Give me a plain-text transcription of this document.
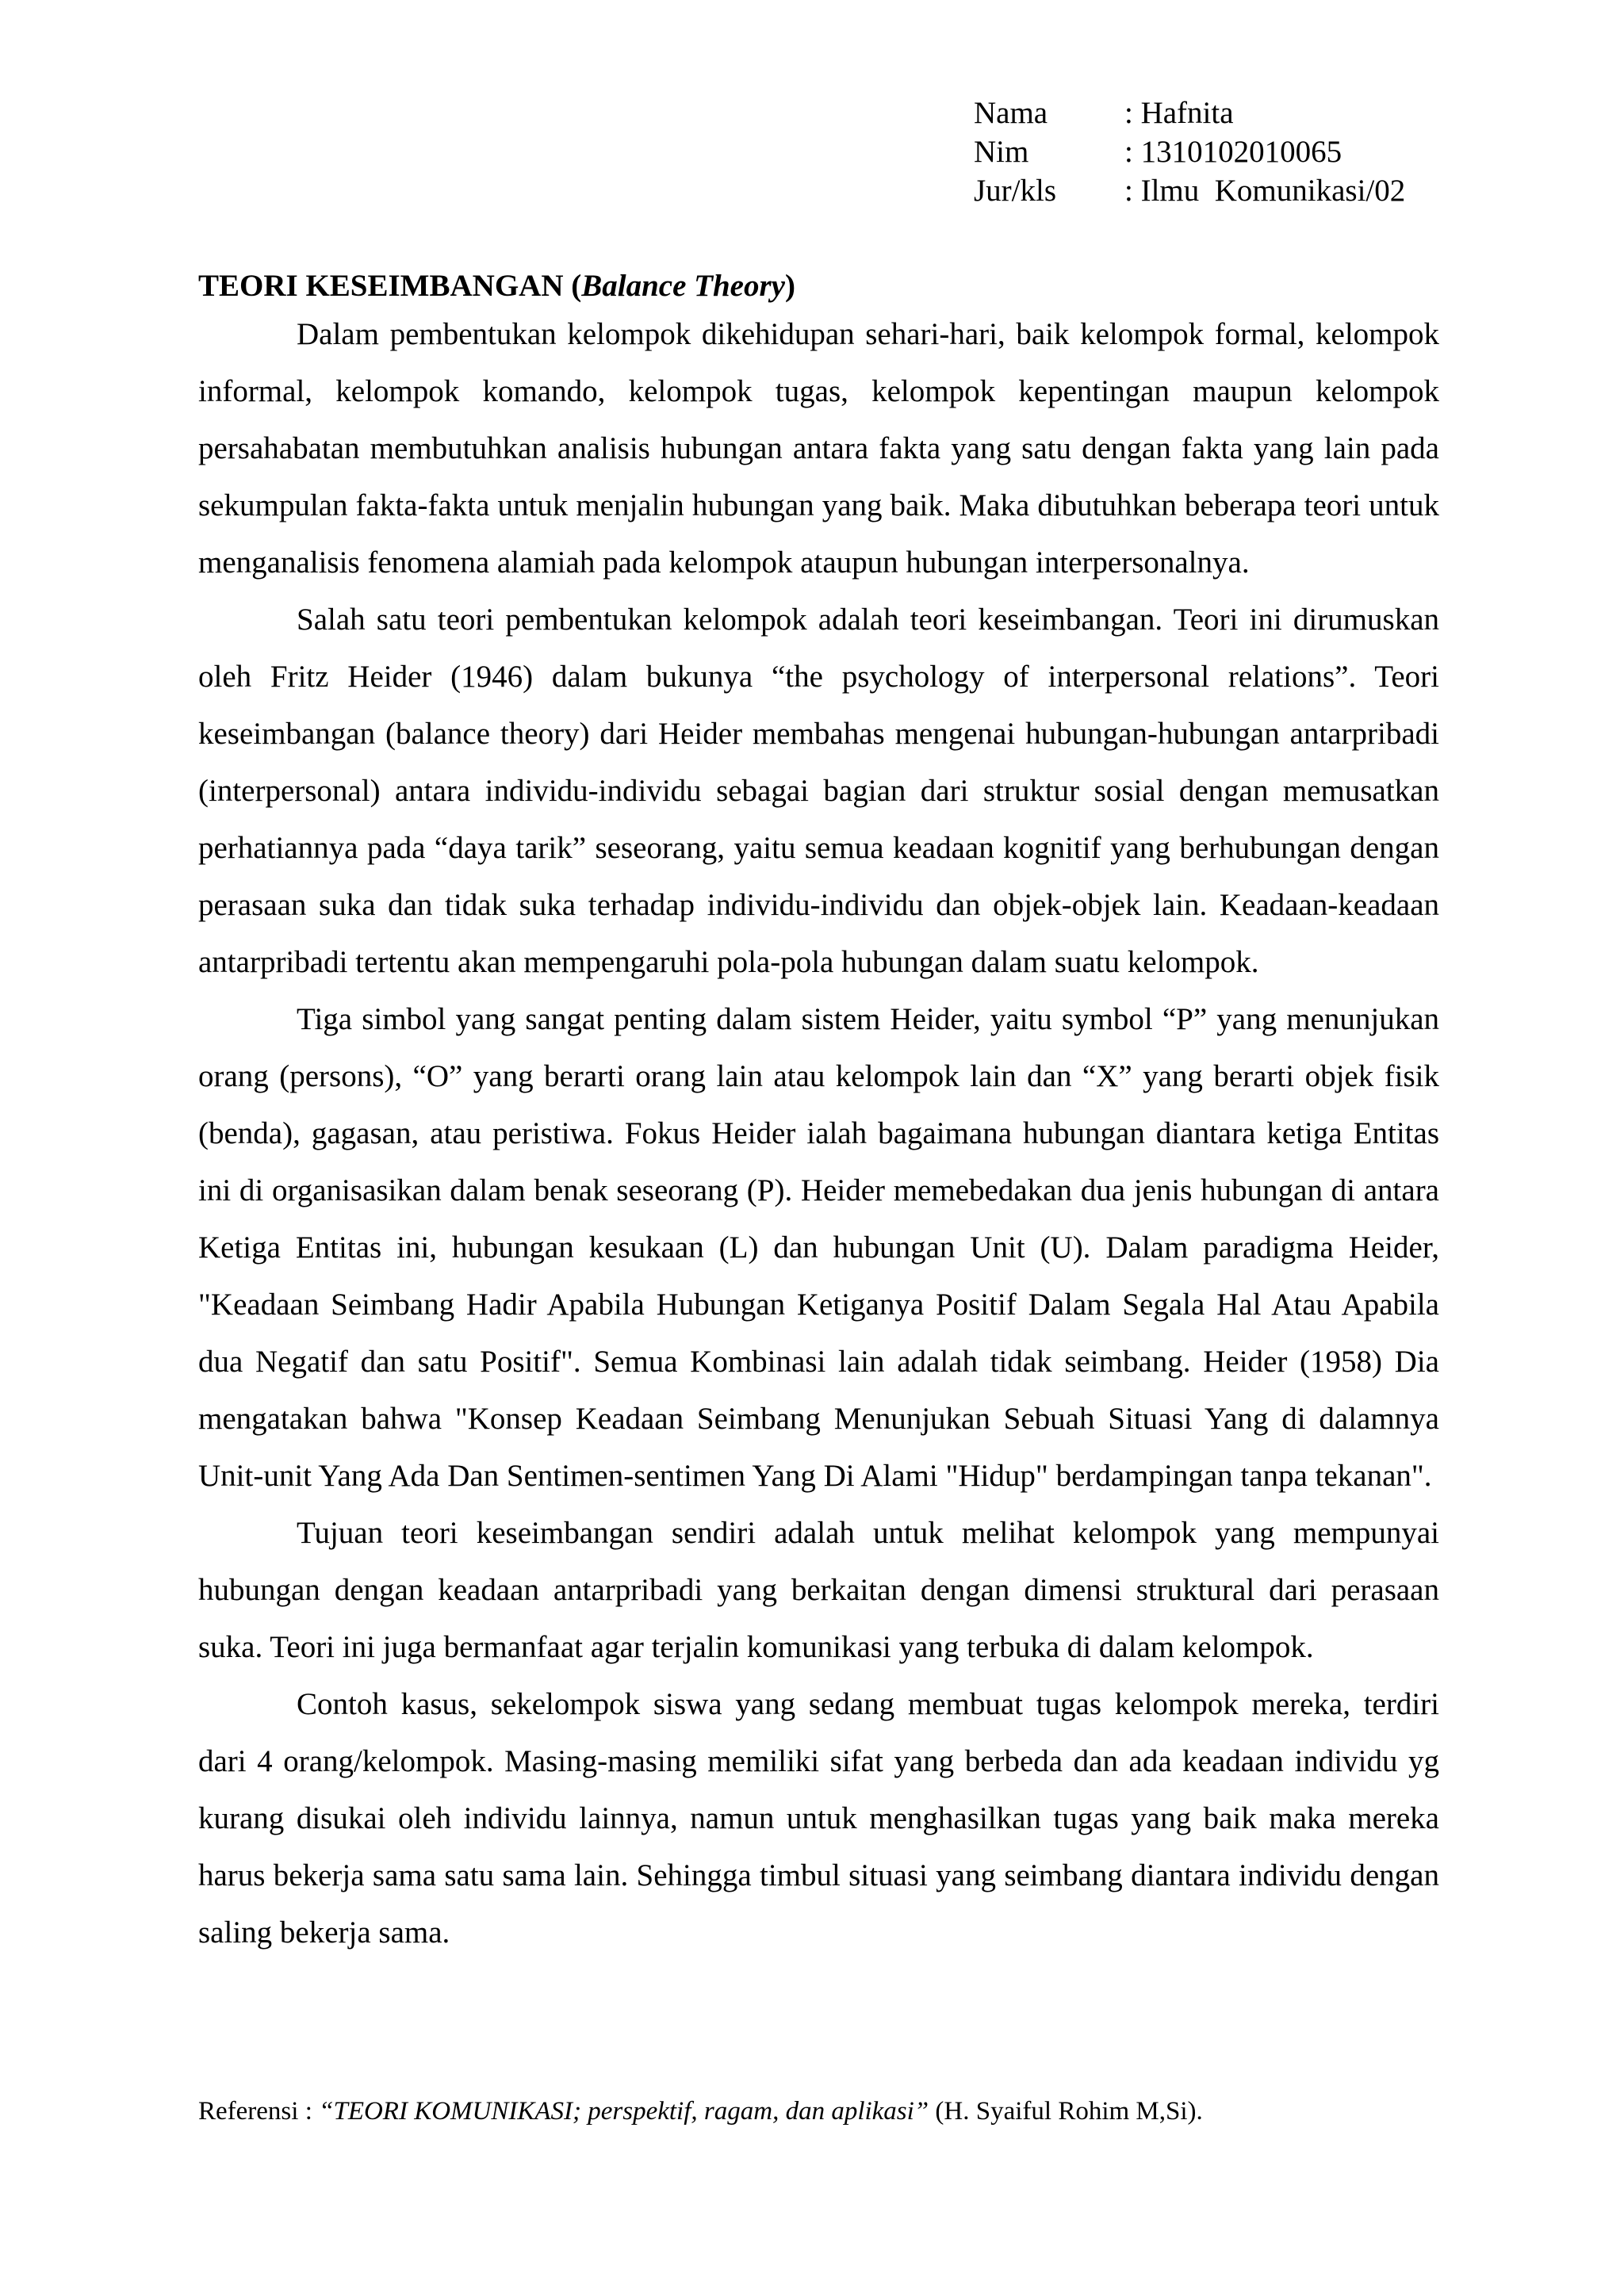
Nama	: Hafnita
Nim	: 1310102010065
Jur/kls	: Ilmu  Komunikasi/02
TEORI KESEIMBANGAN (Balance Theory)

Dalam pembentukan kelompok dikehidupan sehari-hari, baik kelompok formal, kelompok informal, kelompok komando, kelompok tugas, kelompok kepentingan maupun kelompok persahabatan membutuhkan analisis hubungan antara fakta yang satu dengan fakta yang lain pada sekumpulan fakta-fakta untuk menjalin hubungan yang baik. Maka dibutuhkan beberapa teori untuk menganalisis fenomena alamiah pada kelompok ataupun hubungan interpersonalnya.

Salah satu teori pembentukan kelompok adalah teori keseimbangan. Teori ini dirumuskan oleh Fritz Heider (1946) dalam bukunya “the psychology of interpersonal relations”. Teori keseimbangan (balance theory) dari Heider membahas mengenai hubungan-hubungan antarpribadi (interpersonal) antara individu-individu sebagai bagian dari struktur sosial dengan memusatkan perhatiannya pada “daya tarik” seseorang, yaitu semua keadaan kognitif yang berhubungan dengan perasaan suka dan tidak suka terhadap individu-individu dan objek-objek lain. Keadaan-keadaan antarpribadi tertentu akan mempengaruhi pola-pola hubungan dalam suatu kelompok.

Tiga simbol yang sangat penting dalam sistem Heider, yaitu symbol “P” yang menunjukan orang (persons), “O” yang berarti orang lain atau kelompok lain dan “X” yang berarti objek fisik (benda), gagasan, atau peristiwa. Fokus Heider ialah bagaimana hubungan diantara ketiga Entitas ini di organisasikan dalam benak seseorang (P). Heider memebedakan dua jenis hubungan di antara Ketiga Entitas ini, hubungan kesukaan (L) dan hubungan Unit (U). Dalam paradigma Heider, "Keadaan Seimbang Hadir Apabila Hubungan Ketiganya Positif Dalam Segala Hal Atau Apabila dua Negatif dan satu Positif". Semua Kombinasi lain adalah tidak seimbang. Heider (1958) Dia mengatakan bahwa "Konsep Keadaan Seimbang Menunjukan Sebuah Situasi Yang di dalamnya Unit-unit Yang Ada Dan Sentimen-sentimen Yang Di Alami "Hidup" berdampingan tanpa tekanan".

Tujuan teori keseimbangan sendiri adalah untuk melihat kelompok yang mempunyai hubungan dengan keadaan antarpribadi yang berkaitan dengan dimensi struktural dari perasaan suka. Teori ini juga bermanfaat agar terjalin komunikasi yang terbuka di dalam kelompok.

Contoh kasus, sekelompok siswa yang sedang membuat tugas kelompok mereka, terdiri dari 4 orang/kelompok. Masing-masing memiliki sifat yang berbeda dan ada keadaan individu yg kurang disukai oleh individu lainnya, namun untuk menghasilkan tugas yang baik maka mereka harus bekerja sama satu sama lain. Sehingga timbul situasi yang seimbang diantara individu dengan saling bekerja sama.

Referensi : “TEORI KOMUNIKASI; perspektif, ragam, dan aplikasi” (H. Syaiful Rohim M,Si).
